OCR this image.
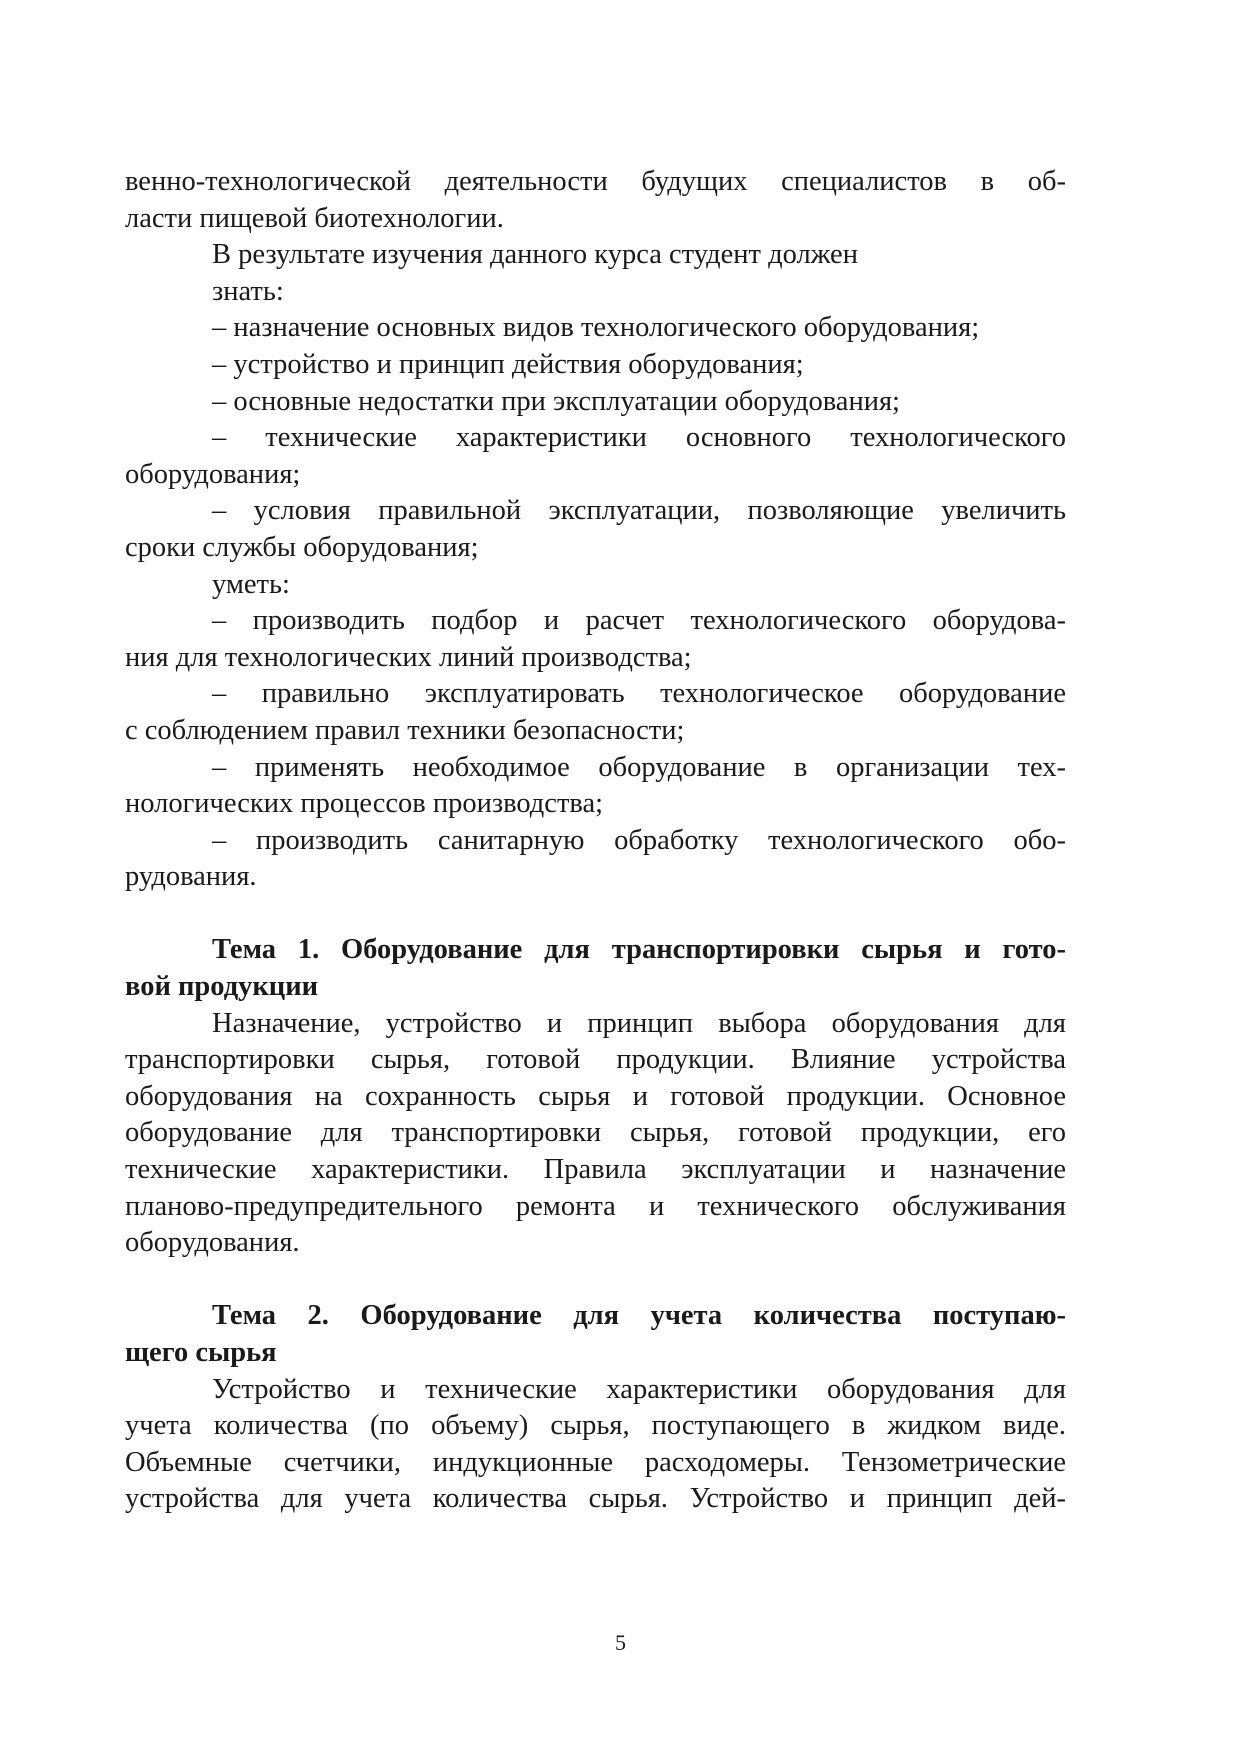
венно-технологической деятельности будущих специалистов в об-
ласти пищевой биотехнологии.
В результате изучения данного курса студент должен
знать:
– назначение основных видов технологического оборудования;
– устройство и принцип действия оборудования;
– основные недостатки при эксплуатации оборудования;
– технические характеристики основного технологического
оборудования;
– условия правильной эксплуатации, позволяющие увеличить
сроки службы оборудования;
уметь:
– производить подбор и расчет технологического оборудова-
ния для технологических линий производства;
– правильно эксплуатировать технологическое оборудование
с соблюдением правил техники безопасности;
– применять необходимое оборудование в организации тех-
нологических процессов производства;
– производить санитарную обработку технологического обо-
рудования.
Тема 1. Оборудование для транспортировки сырья и гото-
вой продукции
Назначение, устройство и принцип выбора оборудования для
транспортировки сырья, готовой продукции. Влияние устройства
оборудования на сохранность сырья и готовой продукции. Основное
оборудование для транспортировки сырья, готовой продукции, его
технические характеристики. Правила эксплуатации и назначение
планово-предупредительного ремонта и технического обслуживания
оборудования.
Тема 2. Оборудование для учета количества поступаю-
щего сырья
Устройство и технические характеристики оборудования для
учета количества (по объему) сырья, поступающего в жидком виде.
Объемные счетчики, индукционные расходомеры. Тензометрические
устройства для учета количества сырья. Устройство и принцип дей-
5
